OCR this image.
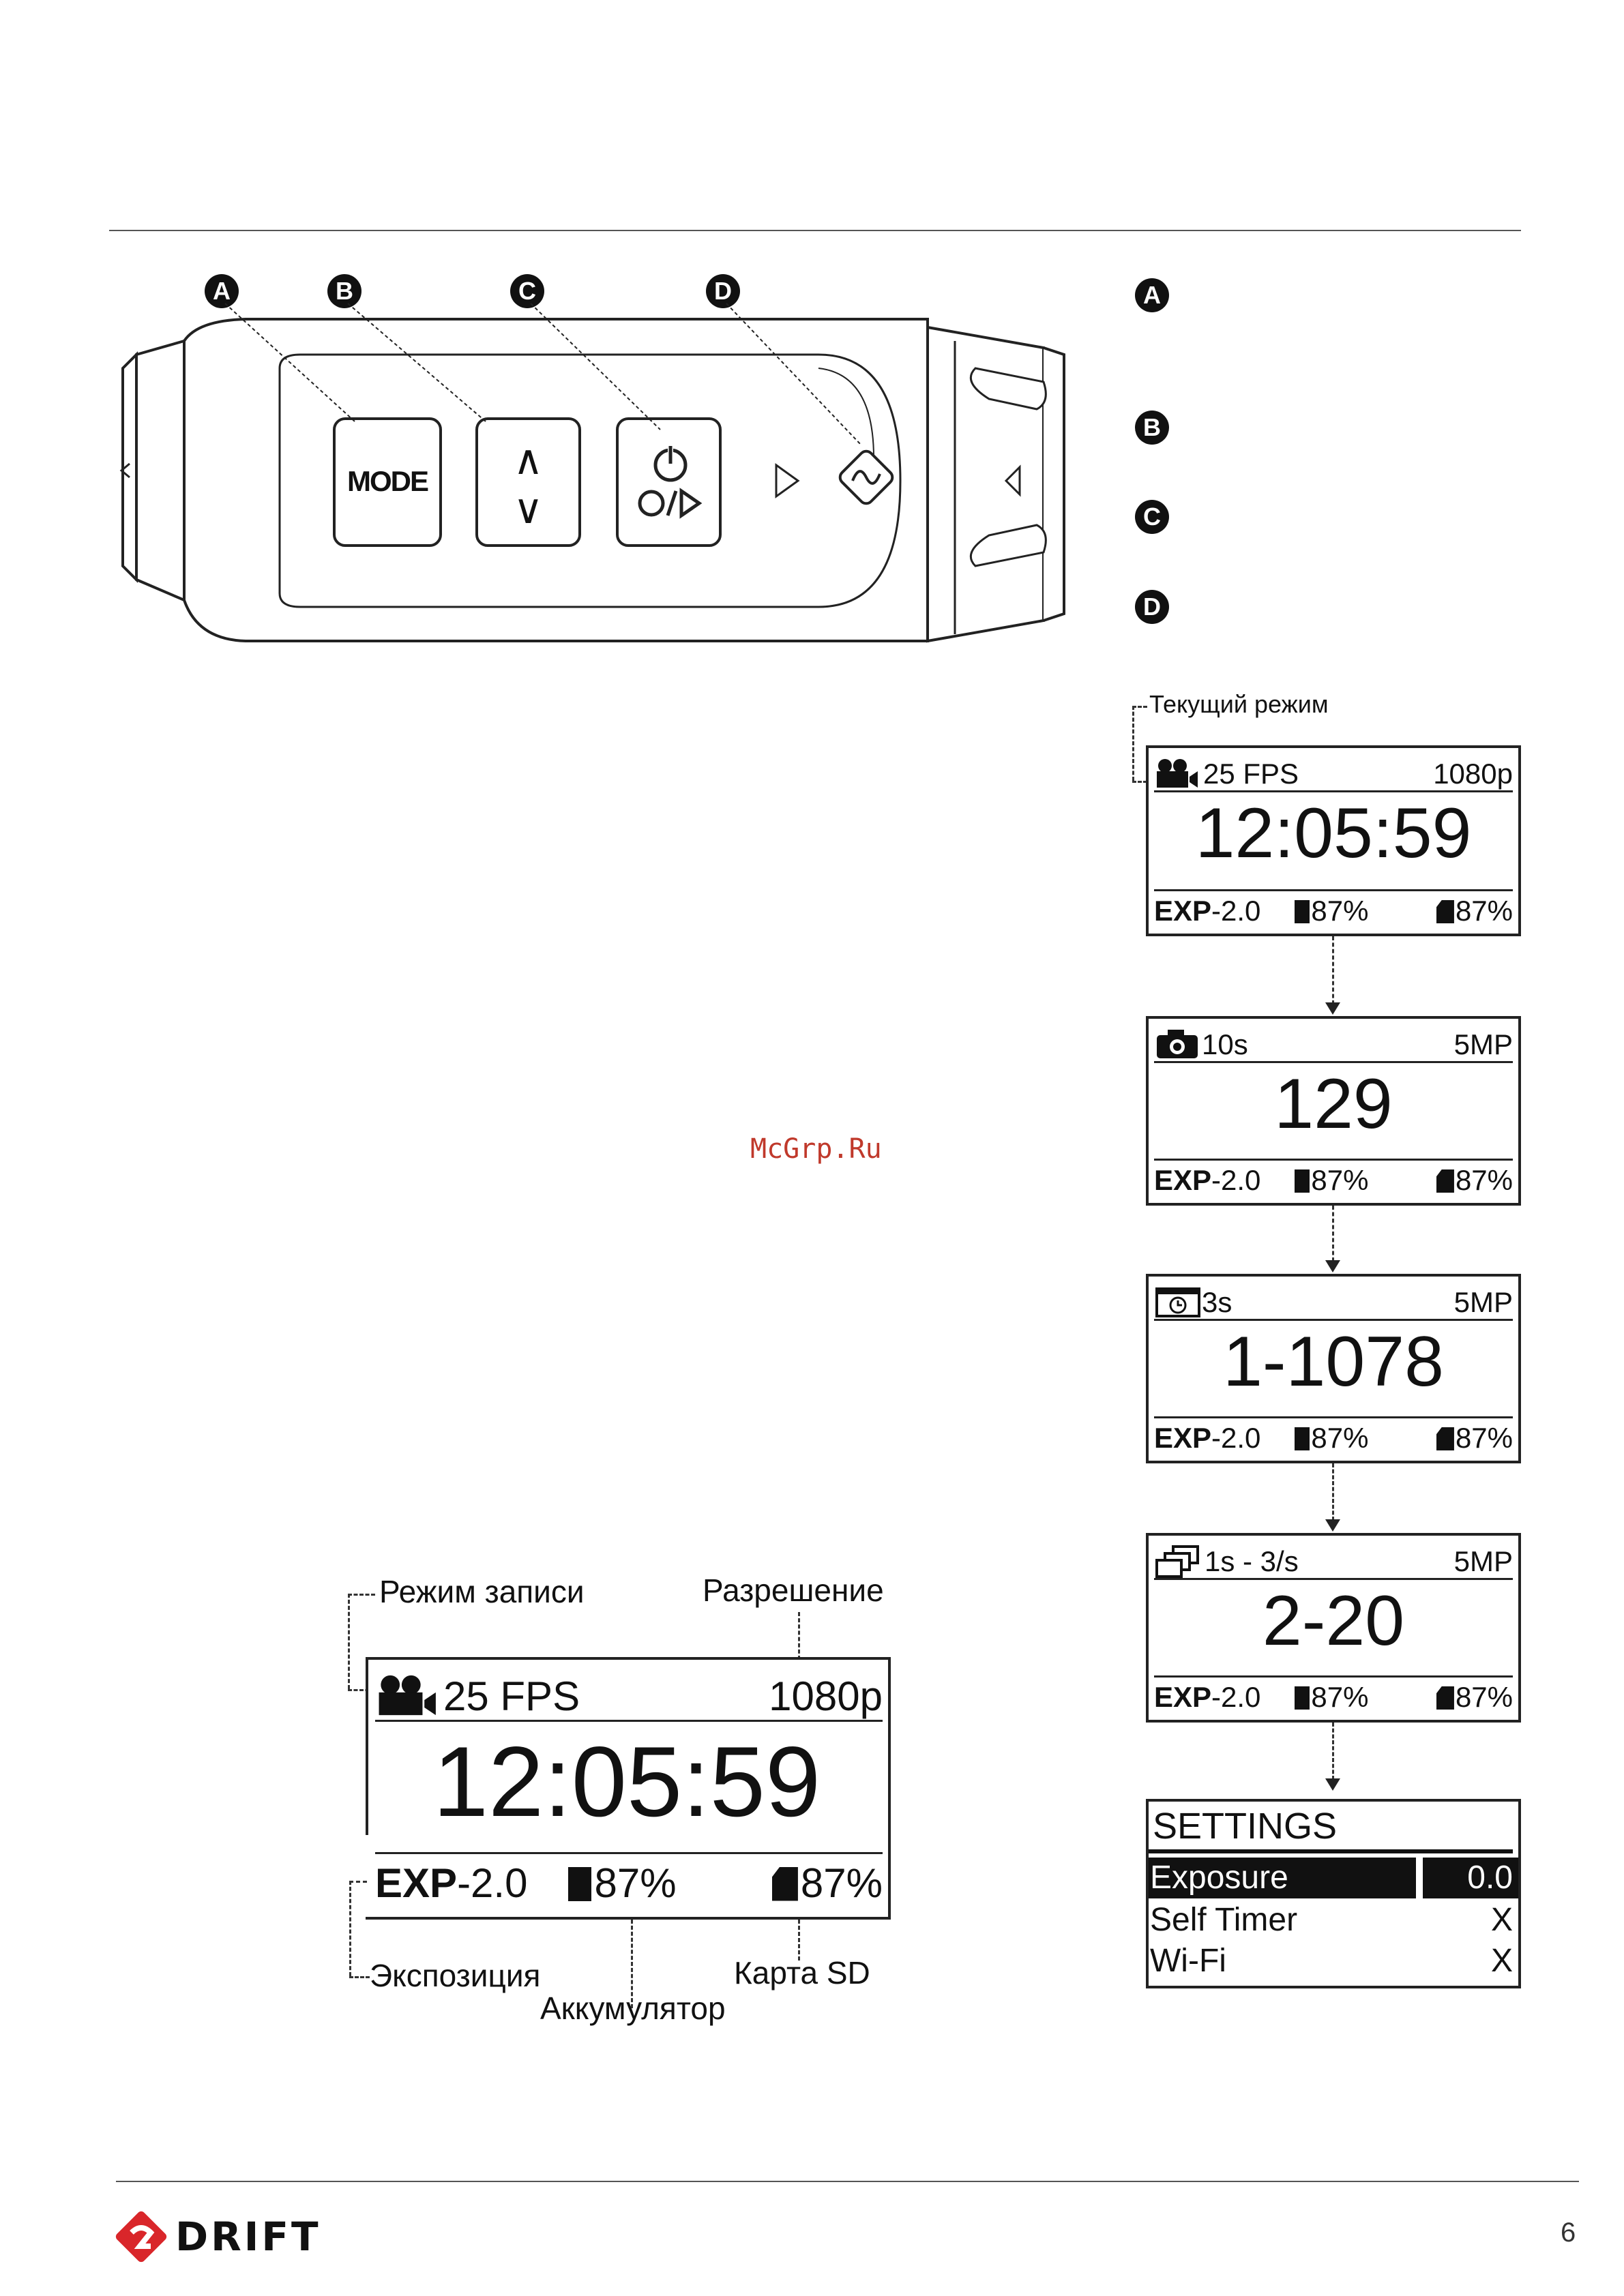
MODE	∧
∨
A	B	C	D	A
B
C
D
McGrp.Ru
Текущий режим
25 FPS	1080p
12:05:59
EXP-2.0	87%	87%
10s	5MP
129
EXP-2.0	87%	87%
3s	5MP
1-1078
EXP-2.0	87%	87%
1s - 3/s	5MP
2-20
EXP-2.0	87%	87%
SETTINGS
Exposure	0.0
Self Timer	X
Wi-Fi	X
Режим записи	Разрешение
25 FPS	1080p
12:05:59
EXP-2.0	87%	87%
Экспозиция
Аккумулятор
Карта SD
DRIFT	6
